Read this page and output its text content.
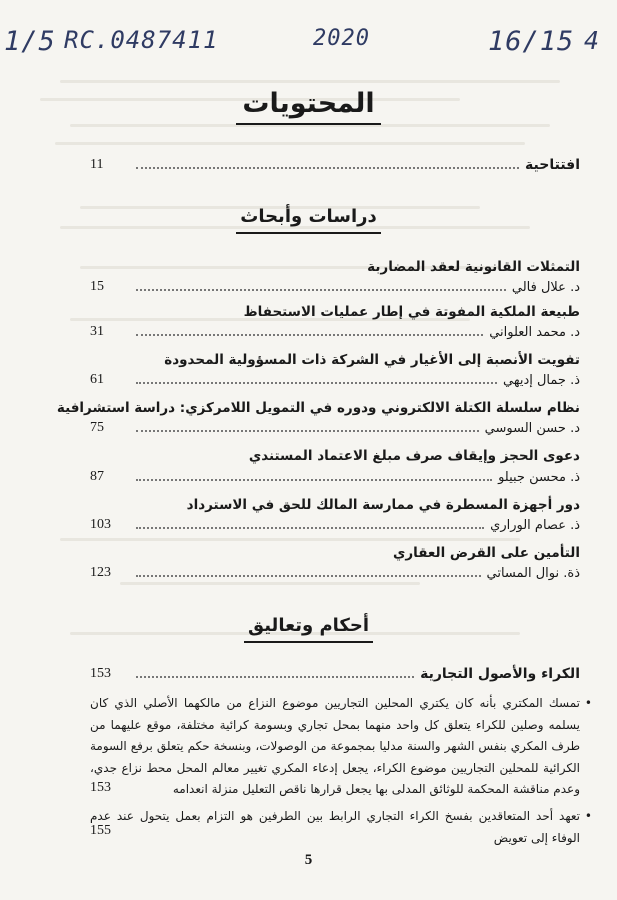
1/5 RC.0487411	2020	16/15 4
المحتويات
11	افتتاحية
دراسات وأبحاث
التمثلات القانونية لعقد المضاربة
15	د. علال فالي
طبيعة الملكية المفوتة في إطار عمليات الاستحفاظ
31	د. محمد العلواني
تفويت الأنصبة إلى الأغيار في الشركة ذات المسؤولية المحدودة
61	ذ. جمال إديهي
نظام سلسلة الكتلة الالكتروني ودوره في التمويل اللامركزي: دراسة استشرافية
75	د. حسن السوسي
دعوى الحجز وإيقاف صرف مبلغ الاعتماد المستندي
87	ذ. محسن جبيلو
دور أجهزة المسطرة في ممارسة المالك للحق في الاسترداد
103	ذ. عصام الوراري
التأمين على القرض العقاري
123	ذة. نوال المساتي
أحكام وتعاليق
153	الكراء والأصول التجارية
• تمسك المكتري بأنه كان يكتري المحلين التجاريين موضوع النزاع من مالكهما الأصلي الذي كان يسلمه وصلين للكراء يتعلق كل واحد منهما بمحل تجاري وبسومة كرائية مختلفة، موقع عليهما من طرف المكري بنفس الشهر والسنة مدليا بمجموعة من الوصولات، وبنسخة حكم يتعلق برفع السومة الكرائية للمحلين التجاريين موضوع الكراء، يجعل إدعاء المكري تغيير معالم المحل محط نزاع جدي، وعدم مناقشة المحكمة للوثائق المدلى بها يجعل قرارها ناقص التعليل منزلة انعدامه
153
• تعهد أحد المتعاقدين بفسخ الكراء التجاري الرابط بين الطرفين هو التزام بعمل يتحول عند عدم الوفاء إلى تعويض
155
5
